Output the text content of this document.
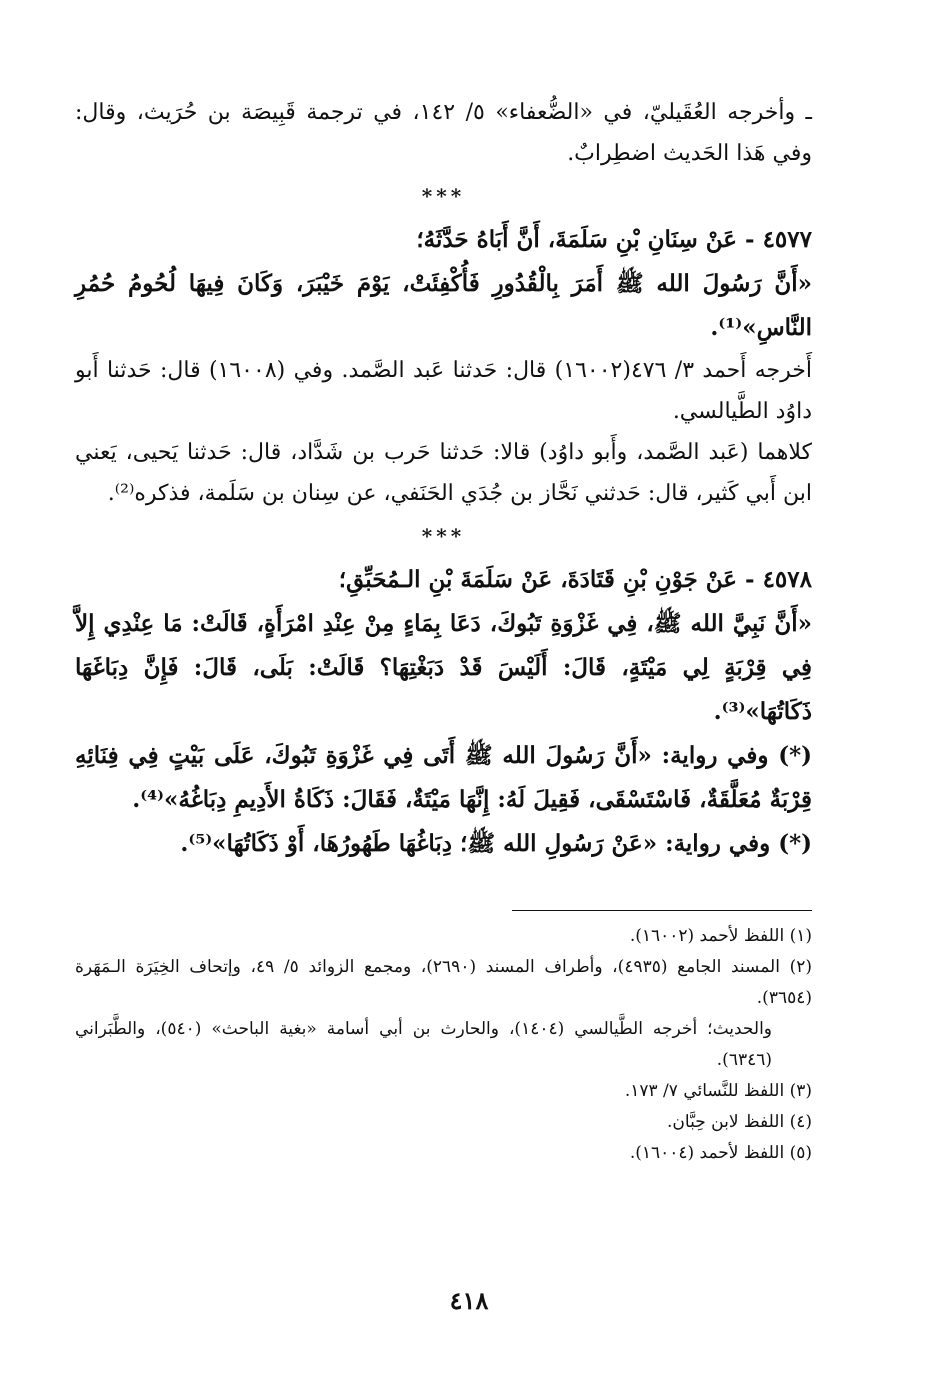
ـ وأخرجه العُقَيليّ، في «الضُّعفاء» ٥/ ١٤٢، في ترجمة قَبِيصَة بن حُرَيث، وقال: وفي هَذا الحَديث اضطِرابٌ.

***

٤٥٧٧ - عَنْ سِنَانِ بْنِ سَلَمَةَ، أَنَّ أَبَاهُ حَدَّثَهُ؛

«أَنَّ رَسُولَ الله ﷺ أَمَرَ بِالْقُدُورِ فَأُكْفِئَتْ، يَوْمَ خَيْبَرَ، وَكَانَ فِيهَا لُحُومُ حُمُرِ النَّاسِ»⁽¹⁾.

أَخرجه أَحمد ٣/ ٤٧٦(١٦٠٠٢) قال: حَدثنا عَبد الصَّمد. وفي (١٦٠٠٨) قال: حَدثنا أَبو داوُد الطَّيالسي.

كلاهما (عَبد الصَّمد، وأَبو داوُد) قالا: حَدثنا حَرب بن شَدَّاد، قال: حَدثنا يَحيى، يَعني ابن أَبي كَثير، قال: حَدثني نَحَّاز بن جُدَي الحَنَفي، عن سِنان بن سَلَمة، فذكره⁽²⁾.

***

٤٥٧٨ - عَنْ جَوْنِ بْنِ قَتَادَةَ، عَنْ سَلَمَةَ بْنِ الـمُحَبِّقِ؛

«أَنَّ نَبِيَّ الله ﷺ، فِي غَزْوَةِ تَبُوكَ، دَعَا بِمَاءٍ مِنْ عِنْدِ امْرَأَةٍ، قَالَتْ: مَا عِنْدِي إِلاَّ فِي قِرْبَةٍ لِي مَيْتَةٍ، قَالَ: أَلَيْسَ قَدْ دَبَغْتِهَا؟ قَالَتْ: بَلَى، قَالَ: فَإِنَّ دِبَاغَهَا ذَكَاتُهَا»⁽³⁾.

(*) وفي رواية: «أَنَّ رَسُولَ الله ﷺ أَتَى فِي غَزْوَةِ تَبُوكَ، عَلَى بَيْتٍ فِي فِنَائِهِ قِرْبَةٌ مُعَلَّقَةٌ، فَاسْتَسْقَى، فَقِيلَ لَهُ: إِنَّهَا مَيْتَةٌ، فَقَالَ: ذَكَاةُ الأَدِيمِ دِبَاغُهُ»⁽⁴⁾.

(*) وفي رواية: «عَنْ رَسُولِ الله ﷺ؛ دِبَاغُهَا طَهُورُهَا، أَوْ ذَكَاتُهَا»⁽⁵⁾.

(١) اللفظ لأحمد (١٦٠٠٢).

(٢) المسند الجامع (٤٩٣٥)، وأطراف المسند (٢٦٩٠)، ومجمع الزوائد ٥/ ٤٩، وإتحاف الخِيَرَة الـمَهَرة (٣٦٥٤).

والحديث؛ أخرجه الطَّيالسي (١٤٠٤)، والحارث بن أبي أسامة «بغية الباحث» (٥٤٠)، والطَّبَراني (٦٣٤٦).

(٣) اللفظ للنَّسائي ٧/ ١٧٣.

(٤) اللفظ لابن حِبَّان.

(٥) اللفظ لأحمد (١٦٠٠٤).

٤١٨
